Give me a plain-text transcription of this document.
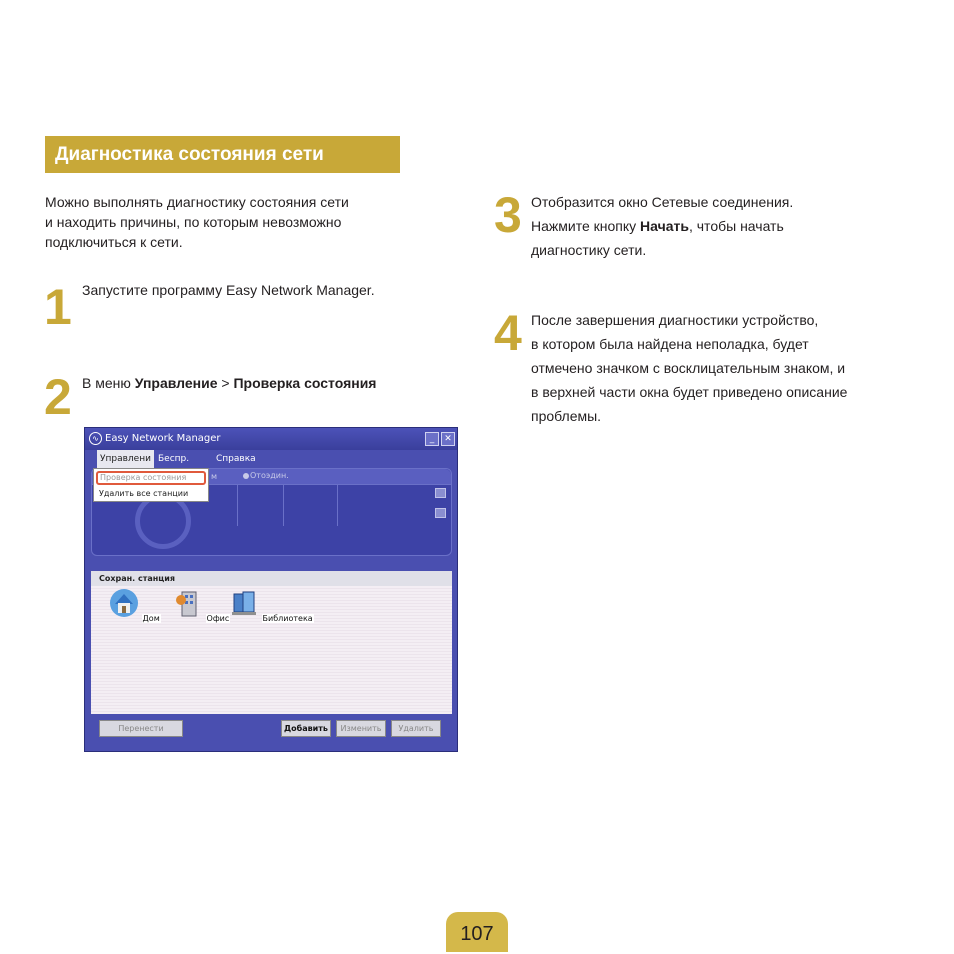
Диагностика состояния сети

Можно выполнять диагностику состояния сети

и находить причины, по которым невозможно

подключиться к сети.

1 Запустите программу Easy Network Manager.

2 В меню Управление > Проверка состояния

∿ Easy Network Manager	_	✕
Управлени Беспр.	Справка
м	Отоэдин.
Проверка состояния
Удалить все станции
Сохран. станция
Дом	Офис	Библиотека
Перенести	Добавить	Изменить	Удалить
3 Отобразится окно Сетевые соединения.

Нажмите кнопку Начать, чтобы начать

диагностику сети.

4 После завершения диагностики устройство,

в котором была найдена неполадка, будет

отмечено значком с восклицательным знаком, и

в верхней части окна будет приведено описание

проблемы.

107
